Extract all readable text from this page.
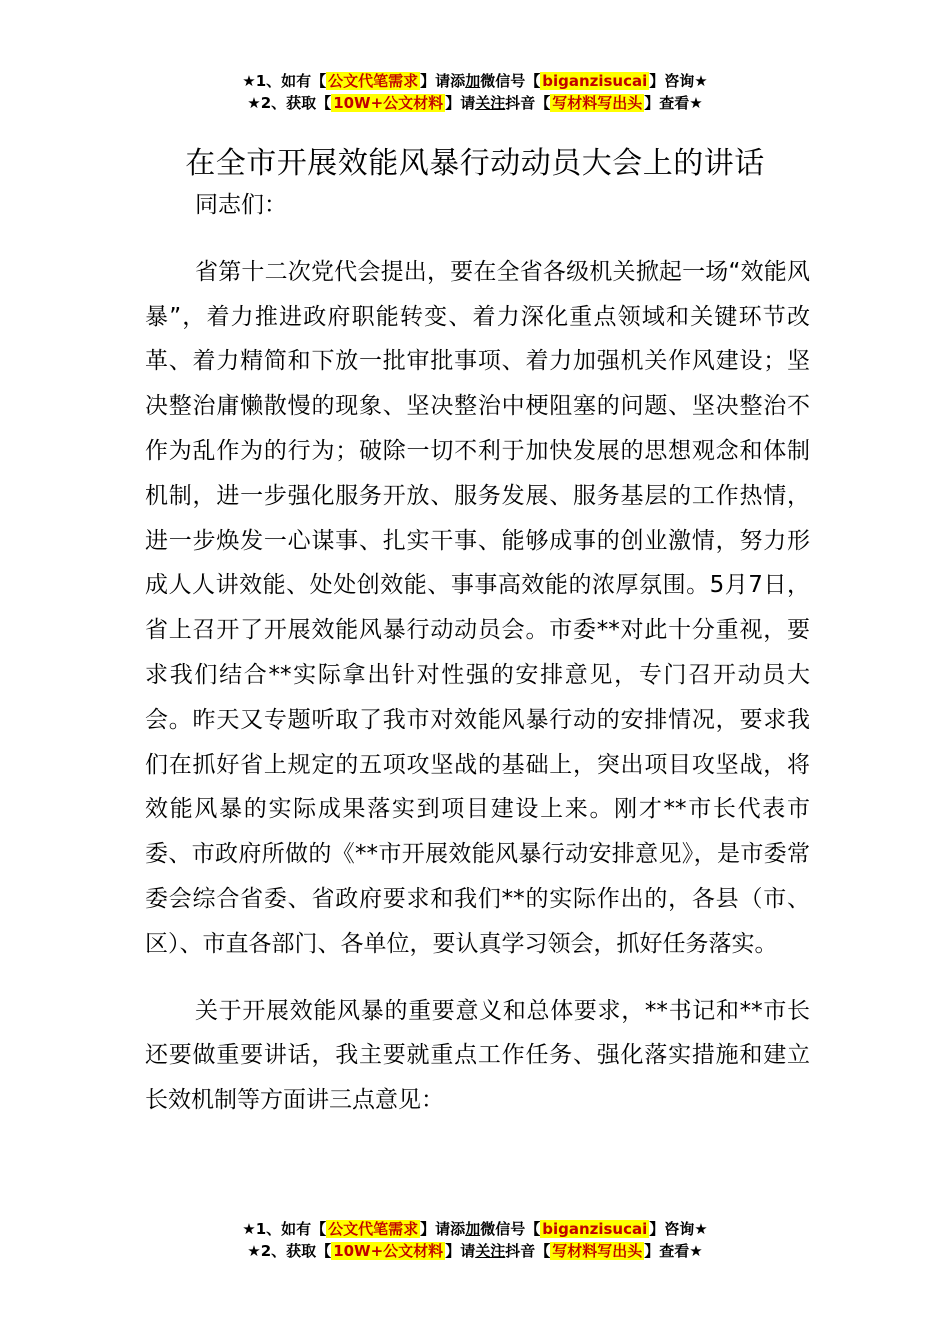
★1、如有【 公文代笔需求 】请添加微信号【 biganzisucai 】咨询★
★2、获取【 10W+公文材料 】请关注抖音【 写材料写出头 】查看★
在全市开展效能风暴行动动员大会上的讲话

同志们：

省第十二次党代会提出，要在全省各级机关掀起一场“效能风暴”，着力推进政府职能转变、着力深化重点领域和关键环节改革、着力精简和下放一批审批事项、着力加强机关作风建设；坚决整治庸懒散慢的现象、坚决整治中梗阻塞的问题、坚决整治不作为乱作为的行为；破除一切不利于加快发展的思想观念和体制机制，进一步强化服务开放、服务发展、服务基层的工作热情，进一步焕发一心谋事、扎实干事、能够成事的创业激情，努力形成人人讲效能、处处创效能、事事高效能的浓厚氛围。5月7日，省上召开了开展效能风暴行动动员会。市委**对此十分重视，要求我们结合**实际拿出针对性强的安排意见，专门召开动员大会。昨天又专题听取了我市对效能风暴行动的安排情况，要求我们在抓好省上规定的五项攻坚战的基础上，突出项目攻坚战，将效能风暴的实际成果落实到项目建设上来。刚才**市长代表市委、市政府所做的《**市开展效能风暴行动安排意见》，是市委常委会综合省委、省政府要求和我们**的实际作出的，各县（市、区）、市直各部门、各单位，要认真学习领会，抓好任务落实。

关于开展效能风暴的重要意义和总体要求，**书记和**市长还要做重要讲话，我主要就重点工作任务、强化落实措施和建立长效机制等方面讲三点意见：

★1、如有【 公文代笔需求 】请添加微信号【 biganzisucai 】咨询★
★2、获取【 10W+公文材料 】请关注抖音【 写材料写出头 】查看★
